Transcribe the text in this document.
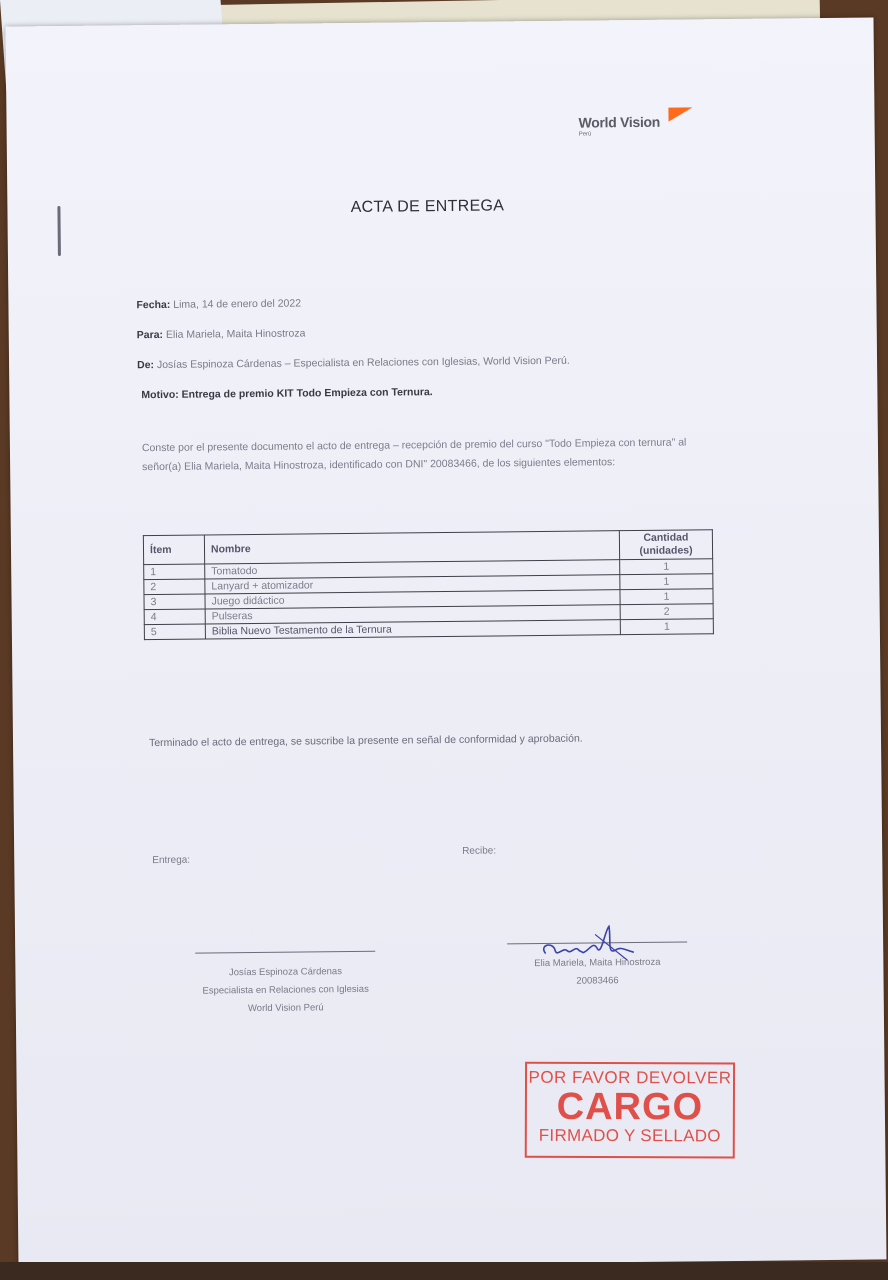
World Vision
Perú
ACTA DE ENTREGA
Fecha: Lima, 14 de enero del 2022
Para: Elia Mariela, Maita Hinostroza
De: Josías Espinoza Cárdenas – Especialista en Relaciones con Iglesias, World Vision Perú.
Motivo: Entrega de premio KIT Todo Empieza con Ternura.
Conste por el presente documento el acto de entrega – recepción de premio del curso "Todo Empieza con ternura" al señor(a) Elia Mariela, Maita Hinostroza, identificado con DNI" 20083466, de los siguientes elementos:
Ítem	Nombre	Cantidad (unidades)
1	Tomatodo	1
2	Lanyard + atomizador	1
3	Juego didáctico	1
4	Pulseras	2
5	Biblia Nuevo Testamento de la Ternura	1
Terminado el acto de entrega, se suscribe la presente en señal de conformidad y aprobación.
Entrega:
Recibe:
Josías Espinoza Cárdenas
Especialista en Relaciones con Iglesias
World Vision Perú
Elia Mariela, Maita Hinostroza
20083466
POR FAVOR DEVOLVER
CARGO
FIRMADO Y SELLADO
